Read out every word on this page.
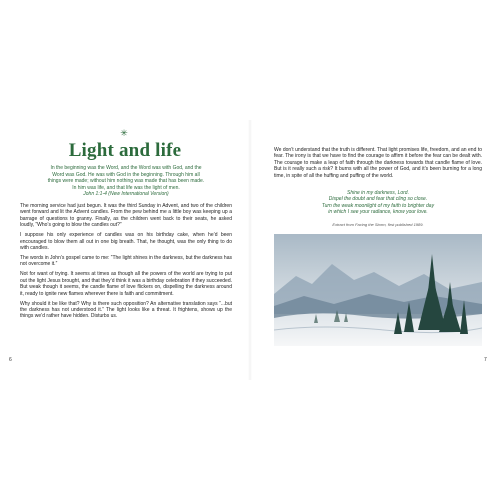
✳
Light and life

In the beginning was the Word, and the Word was with God, and the

Word was God. He was with God in the beginning. Through him all

things were made; without him nothing was made that has been made.

In him was life, and that life was the light of men.

John 1:1-4 (New International Version)

The morning service had just begun. It was the third Sunday in Advent, and two of the children went forward and lit the Advent candles. From the pew behind me a little boy was keeping up a barrage of questions to granny. Finally, as the children went back to their seats, he asked loudly, “Who’s going to blow the candles out?”

I suppose his only experience of candles was on his birthday cake, when he’d been encouraged to blow them all out in one big breath. That, he thought, was the only thing to do with candles.

The words in John’s gospel came to me: “The light shines in the darkness, but the darkness has not overcome it.”

Not for want of trying. It seems at times as though all the powers of the world are trying to put out the light Jesus brought, and that they’d think it was a birthday celebration if they succeeded. But weak though it seems, the candle flame of love flickers on, dispelling the darkness around it, ready to ignite new flames wherever there is faith and commitment.

Why should it be like that? Why is there such opposition? An alternative translation says “...but the darkness has not understood it.” The light looks like a threat. It frightens, shows up the things we’d rather have hidden. Disturbs us.

6

We don’t understand that the truth is different. That light promises life, freedom, and an end to fear. The irony is that we have to find the courage to affirm it before the fear can be dealt with. The courage to make a leap of faith through the darkness towards that candle flame of love. But is it really such a risk? It burns with all the power of God, and it’s been burning for a long time, in spite of all the huffing and puffing of the world.

Shine in my darkness, Lord.

Dispel the doubt and fear that cling so close.

Turn the weak moonlight of my faith to brighter day

in which I see your radiance, know your love.

Extract from Facing the Storm, first published 1989.
7
